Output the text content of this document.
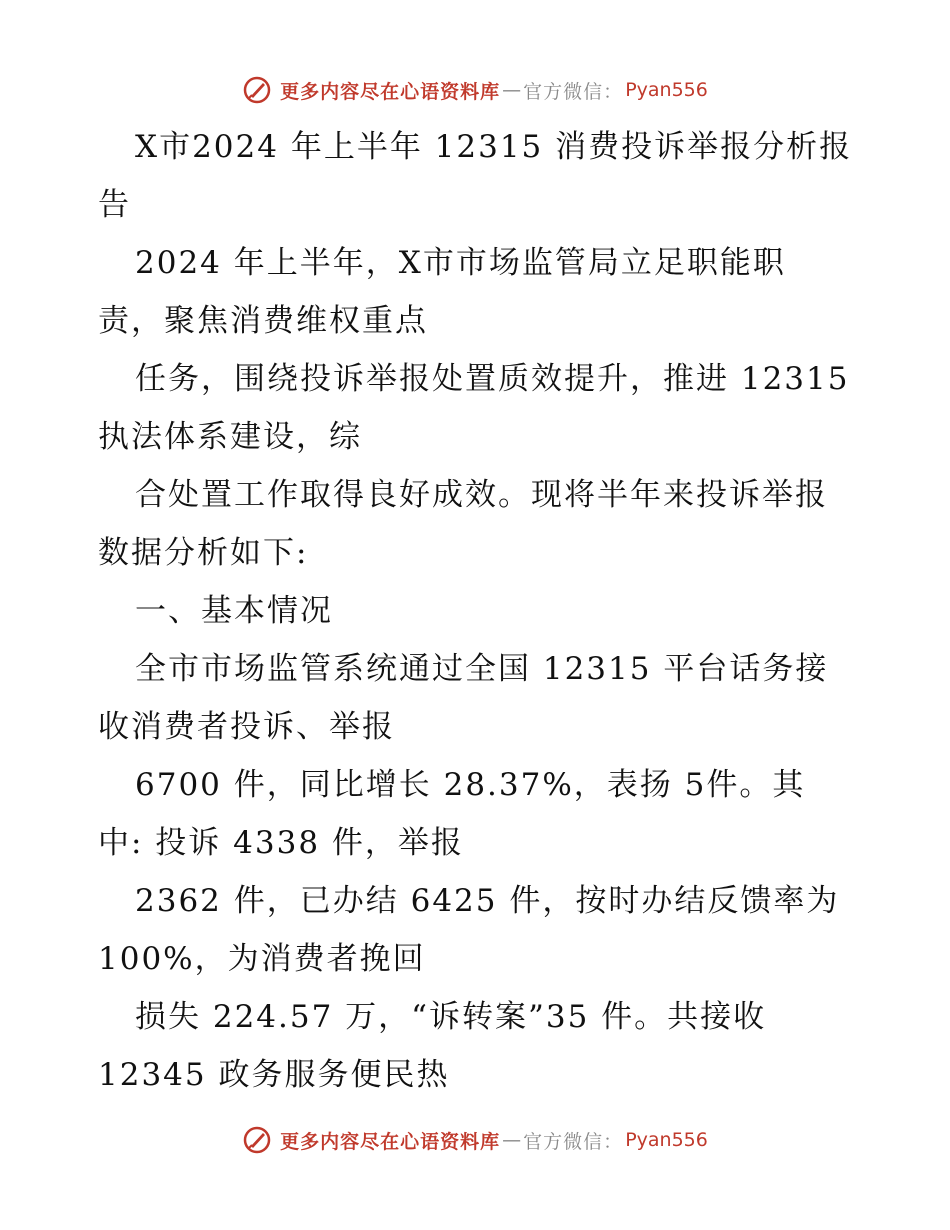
更多内容尽在心语资料库 — 官方微信： Pyan556
X市2024 年上半年 12315 消费投诉举报分析报
告
2024 年上半年，X市市场监管局立足职能职
责，聚焦消费维权重点
任务，围绕投诉举报处置质效提升，推进 12315
执法体系建设，综
合处置工作取得良好成效。现将半年来投诉举报
数据分析如下:
一、基本情况
全市市场监管系统通过全国 12315 平台话务接
收消费者投诉、举报
6700 件，同比增长 28.37%，表扬 5件。其
中: 投诉 4338 件，举报
2362 件，已办结 6425 件，按时办结反馈率为
100%，为消费者挽回
损失 224.57 万，“诉转案”35 件。共接收
12345 政务服务便民热
更多内容尽在心语资料库 — 官方微信： Pyan556
